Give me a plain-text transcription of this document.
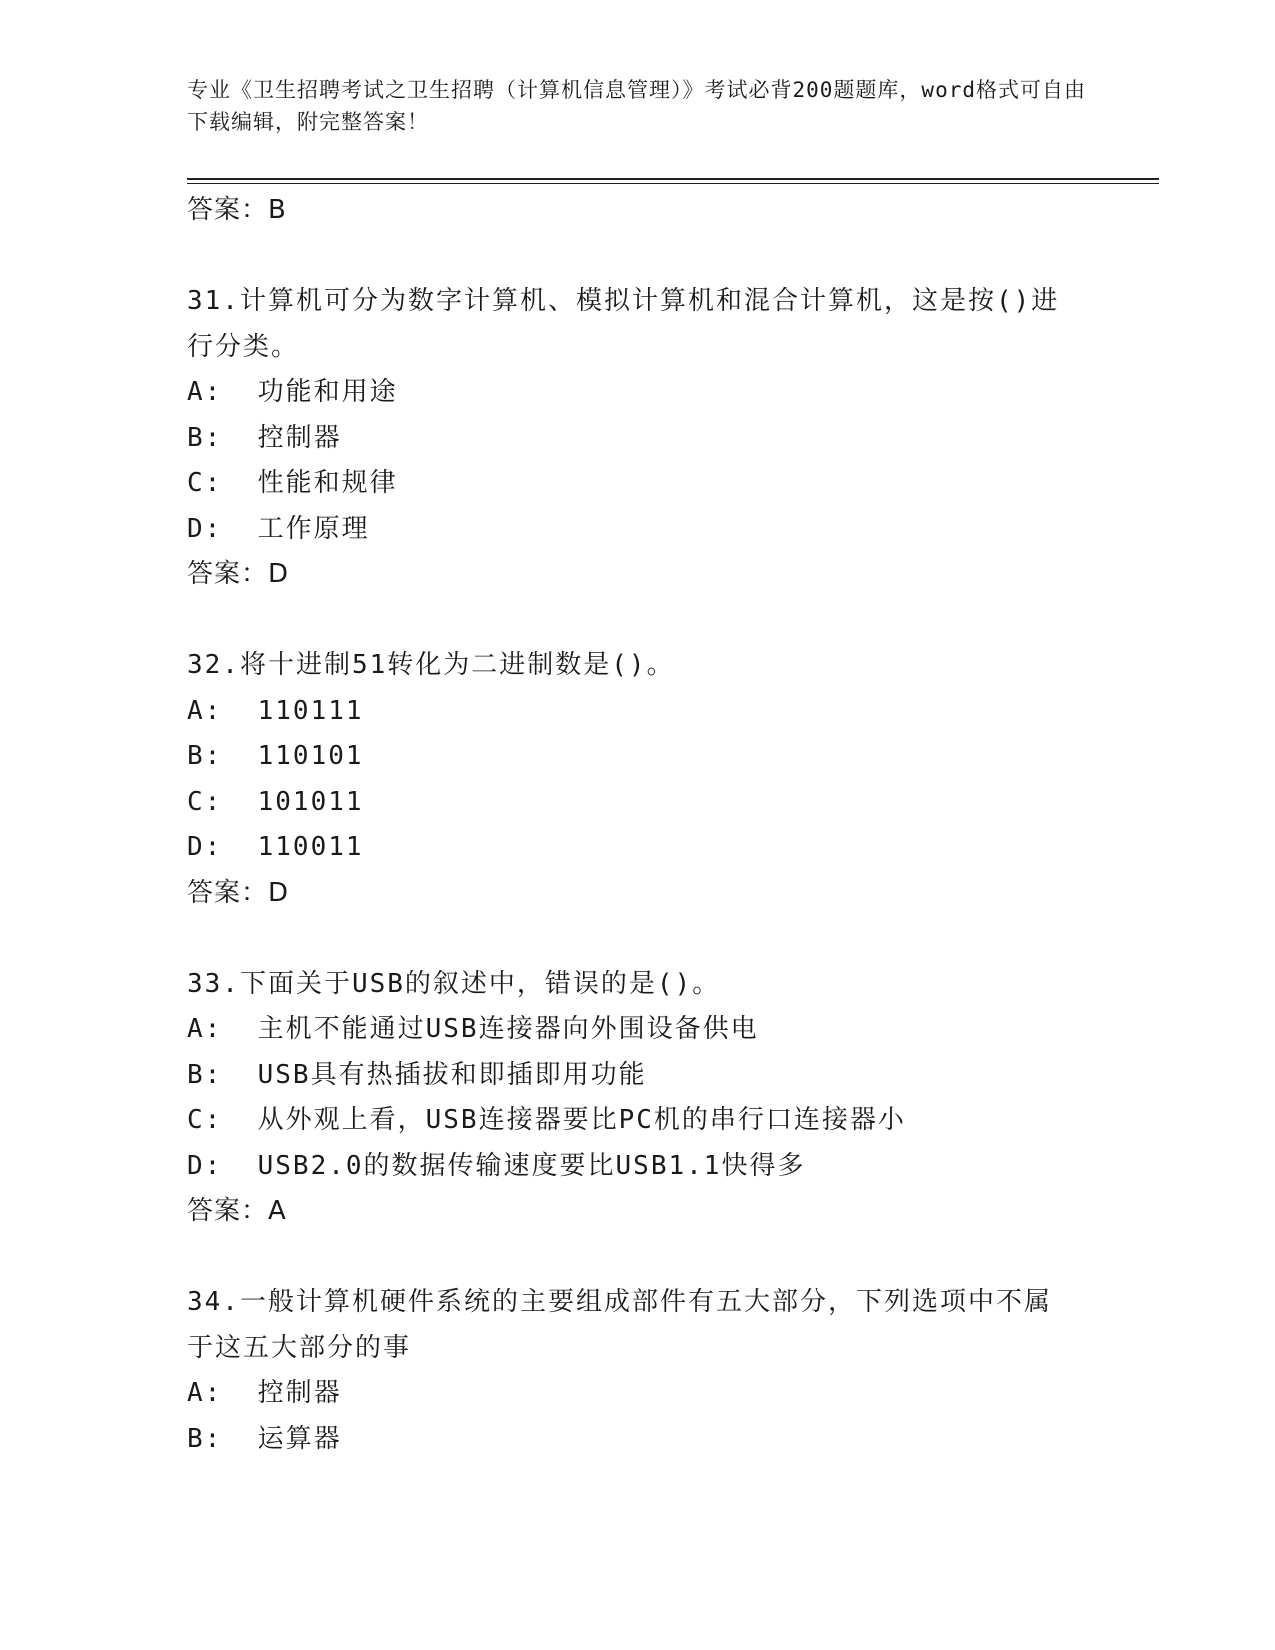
专业《卫生招聘考试之卫生招聘（计算机信息管理）》考试必背200题题库，word格式可自由下载编辑，附完整答案！
答案：B
31.计算机可分为数字计算机、模拟计算机和混合计算机，这是按()进
行分类。
A:  功能和用途
B:  控制器
C:  性能和规律
D:  工作原理
答案：D
32.将十进制51转化为二进制数是()。
A:  110111
B:  110101
C:  101011
D:  110011
答案：D
33.下面关于USB的叙述中，错误的是()。
A:  主机不能通过USB连接器向外围设备供电
B:  USB具有热插拔和即插即用功能
C:  从外观上看，USB连接器要比PC机的串行口连接器小
D:  USB2.0的数据传输速度要比USB1.1快得多
答案：A
34.一般计算机硬件系统的主要组成部件有五大部分，下列选项中不属
于这五大部分的事
A:  控制器
B:  运算器
